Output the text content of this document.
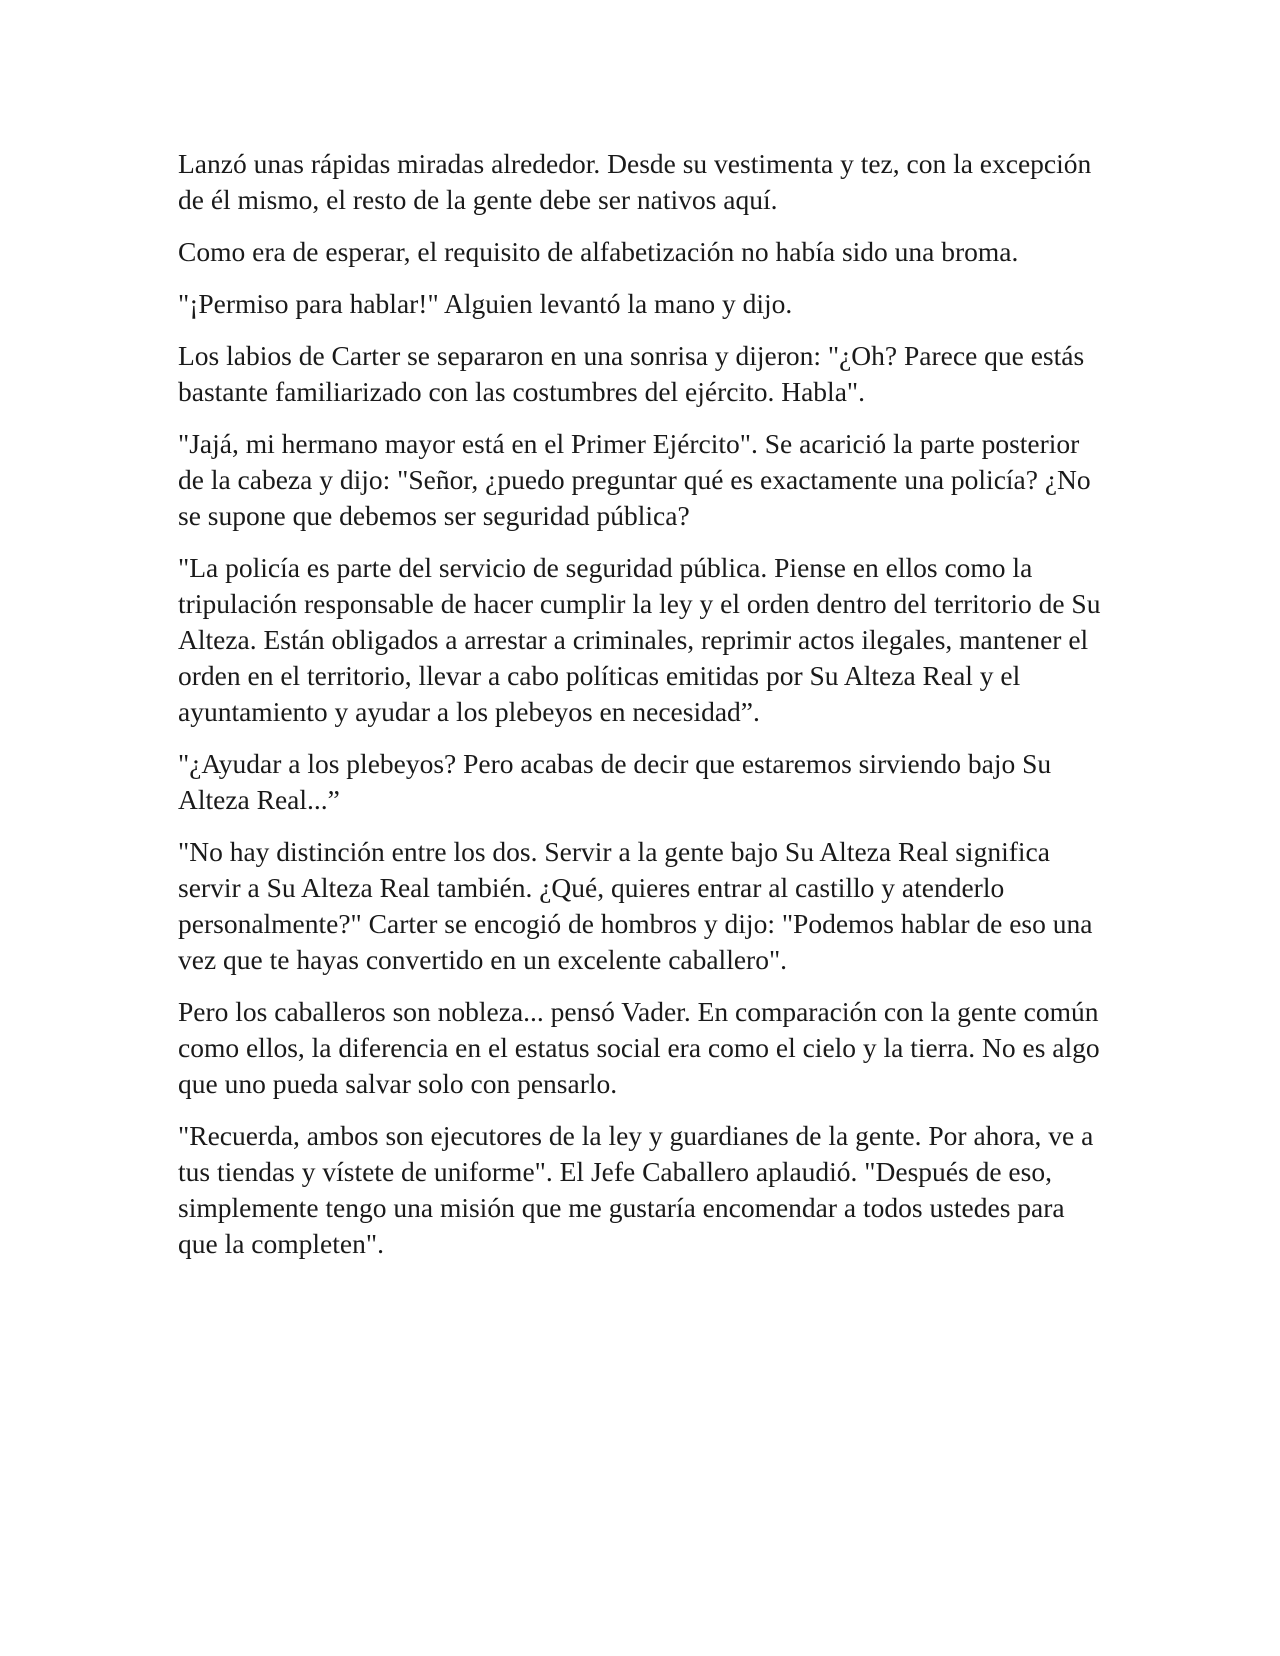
Lanzó unas rápidas miradas alrededor. Desde su vestimenta y tez, con la excepción de él mismo, el resto de la gente debe ser nativos aquí.

Como era de esperar, el requisito de alfabetización no había sido una broma.

"¡Permiso para hablar!" Alguien levantó la mano y dijo.

Los labios de Carter se separaron en una sonrisa y dijeron: "¿Oh? Parece que estás bastante familiarizado con las costumbres del ejército. Habla".

"Jajá, mi hermano mayor está en el Primer Ejército". Se acarició la parte posterior de la cabeza y dijo: "Señor, ¿puedo preguntar qué es exactamente una policía? ¿No se supone que debemos ser seguridad pública?

"La policía es parte del servicio de seguridad pública. Piense en ellos como la tripulación responsable de hacer cumplir la ley y el orden dentro del territorio de Su Alteza. Están obligados a arrestar a criminales, reprimir actos ilegales, mantener el orden en el territorio, llevar a cabo políticas emitidas por Su Alteza Real y el ayuntamiento y ayudar a los plebeyos en necesidad”.

"¿Ayudar a los plebeyos? Pero acabas de decir que estaremos sirviendo bajo Su Alteza Real...”

"No hay distinción entre los dos. Servir a la gente bajo Su Alteza Real significa servir a Su Alteza Real también. ¿Qué, quieres entrar al castillo y atenderlo personalmente?" Carter se encogió de hombros y dijo: "Podemos hablar de eso una vez que te hayas convertido en un excelente caballero".

Pero los caballeros son nobleza... pensó Vader. En comparación con la gente común como ellos, la diferencia en el estatus social era como el cielo y la tierra. No es algo que uno pueda salvar solo con pensarlo.

"Recuerda, ambos son ejecutores de la ley y guardianes de la gente. Por ahora, ve a tus tiendas y vístete de uniforme". El Jefe Caballero aplaudió. "Después de eso, simplemente tengo una misión que me gustaría encomendar a todos ustedes para que la completen".
